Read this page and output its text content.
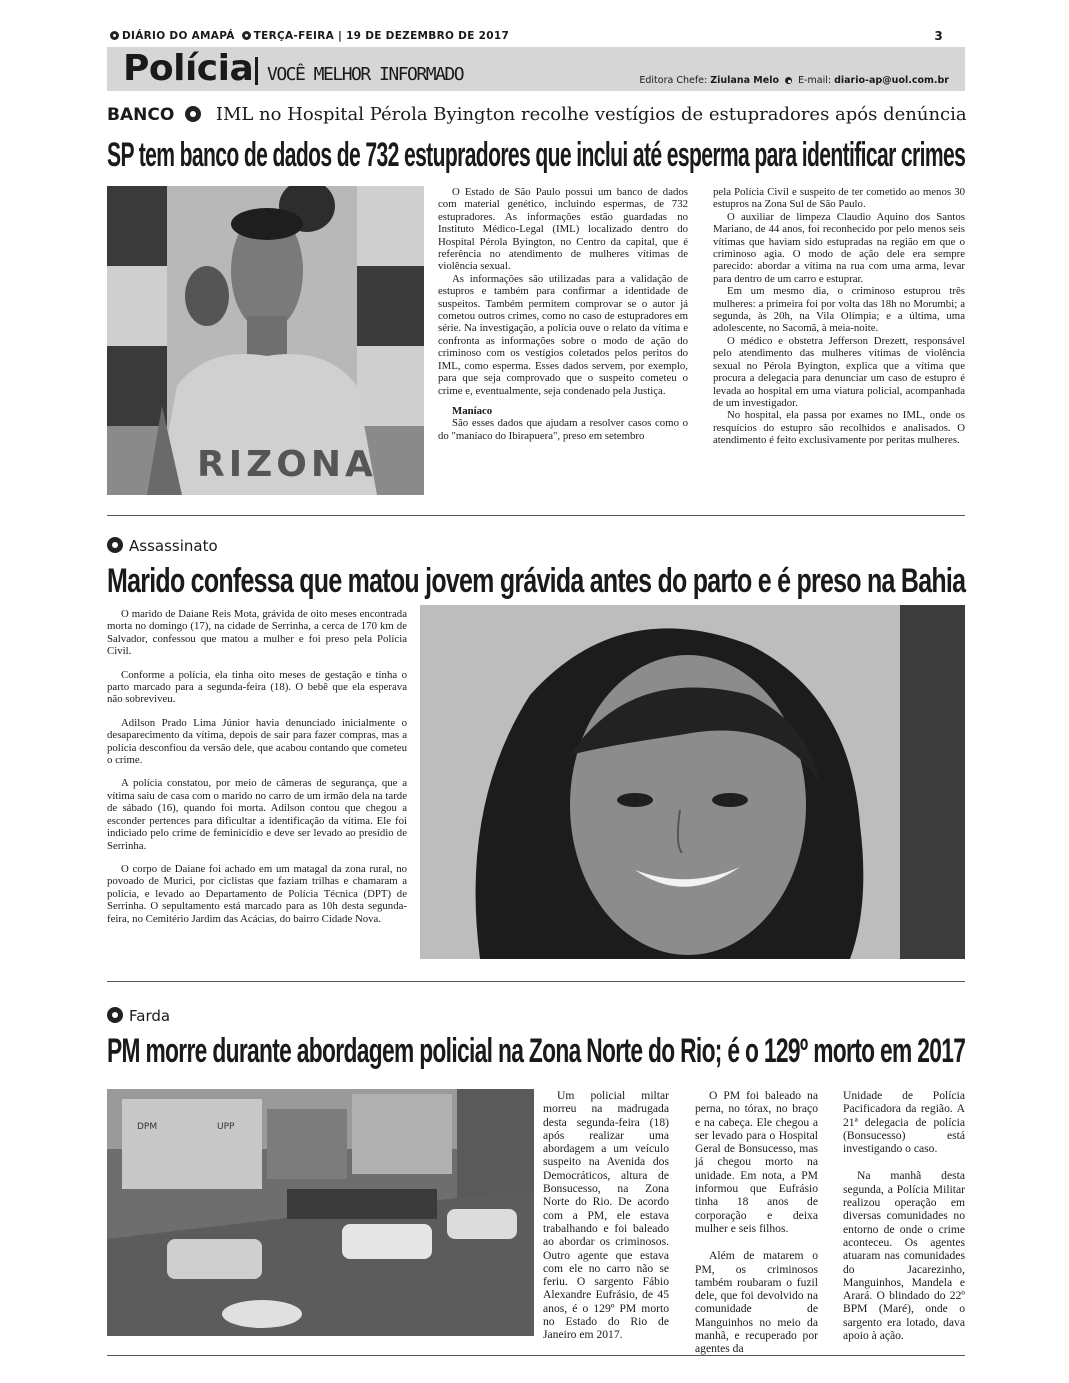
DIÁRIO DO AMAPÁ TERÇA-FEIRA | 19 DE DEZEMBRO DE 2017	3
Polícia VOCÊ MELHOR INFORMADO	Editora Chefe: Ziulana Melo E-mail: diario-ap@uol.com.br
BANCO IML no Hospital Pérola Byington recolhe vestígios de estupradores após denúncia
SP tem banco de dados de 732 estupradores que inclui até esperma para identificar crimes
RIZONA

O Estado de São Paulo possui um banco de dados com material genético, incluindo espermas, de 732 estupradores. As informações estão guardadas no Instituto Médico-Legal (IML) localizado dentro do Hospital Pérola Byington, no Centro da capital, que é referência no atendimento de mulheres vítimas de violência sexual.

As informações são utilizadas para a validação de estupros e também para confirmar a identidade de suspeitos. Também permitem comprovar se o autor já cometou outros crimes, como no caso de estupradores em série. Na investigação, a polícia ouve o relato da vítima e confronta as informações sobre o modo de ação do criminoso com os vestígios coletados pelos peritos do IML, como esperma. Esses dados servem, por exemplo, para que seja comprovado que o suspeito cometeu o crime e, eventualmente, seja condenado pela Justiça.

Maníaco

São esses dados que ajudam a resolver casos como o do "maníaco do Ibirapuera", preso em setembro

pela Polícia Civil e suspeito de ter cometido ao menos 30 estupros na Zona Sul de São Paulo.

O auxiliar de limpeza Claudio Aquino dos Santos Mariano, de 44 anos, foi reconhecido por pelo menos seis vítimas que haviam sido estupradas na região em que o criminoso agia. O modo de ação dele era sempre parecido: abordar a vítima na rua com uma arma, levar para dentro de um carro e estuprar.

Em um mesmo dia, o criminoso estuprou três mulheres: a primeira foi por volta das 18h no Morumbi; a segunda, às 20h, na Vila Olímpia; e a última, uma adolescente, no Sacomã, à meia-noite.

O médico e obstetra Jefferson Drezett, responsável pelo atendimento das mulheres vítimas de violência sexual no Pérola Byington, explica que a vítima que procura a delegacia para denunciar um caso de estupro é levada ao hospital em uma viatura policial, acompanhada de um investigador.

No hospital, ela passa por exames no IML, onde os resquícios do estupro são recolhidos e analisados. O atendimento é feito exclusivamente por peritas mulheres.

Assassinato
Marido confessa que matou jovem grávida antes do parto e é preso na Bahia

O marido de Daiane Reis Mota, grávida de oito meses encontrada morta no domingo (17), na cidade de Serrinha, a cerca de 170 km de Salvador, confessou que matou a mulher e foi preso pela Polícia Civil.

Conforme a polícia, ela tinha oito meses de gestação e tinha o parto marcado para a segunda-feira (18). O bebê que ela esperava não sobreviveu.

Adilson Prado Lima Júnior havia denunciado inicialmente o desaparecimento da vítima, depois de sair para fazer compras, mas a polícia desconfiou da versão dele, que acabou contando que cometeu o crime.

A polícia constatou, por meio de câmeras de segurança, que a vítima saiu de casa com o marido no carro de um irmão dela na tarde de sábado (16), quando foi morta. Adilson contou que chegou a esconder pertences para dificultar a identificação da vítima. Ele foi indiciado pelo crime de feminicídio e deve ser levado ao presídio de Serrinha.

O corpo de Daiane foi achado em um matagal da zona rural, no povoado de Murici, por ciclistas que faziam trilhas e chamaram a polícia, e levado ao Departamento de Polícia Técnica (DPT) de Serrinha. O sepultamento está marcado para as 10h desta segunda-feira, no Cemitério Jardim das Acácias, do bairro Cidade Nova.

Farda
PM morre durante abordagem policial na Zona Norte do Rio; é o 129º morto em 2017
DPM	UPP

Um policial miltar morreu na madrugada desta segunda-feira (18) após realizar uma abordagem a um veículo suspeito na Avenida dos Democráticos, altura de Bonsucesso, na Zona Norte do Rio. De acordo com a PM, ele estava trabalhando e foi baleado ao abordar os criminosos. Outro agente que estava com ele no carro não se feriu. O sargento Fábio Alexandre Eufrásio, de 45 anos, é o 129º PM morto no Estado do Rio de Janeiro em 2017.

O PM foi baleado na perna, no tórax, no braço e na cabeça. Ele chegou a ser levado para o Hospital Geral de Bonsucesso, mas já chegou morto na unidade. Em nota, a PM informou que Eufrásio tinha 18 anos de corporação e deixa mulher e seis filhos.

Além de matarem o PM, os criminosos também roubaram o fuzil dele, que foi devolvido na comunidade de Manguinhos no meio da manhã, e recuperado por agentes da

Unidade de Polícia Pacificadora da região. A 21ª delegacia de polícia (Bonsucesso) está investigando o caso.

Na manhã desta segunda, a Polícia Militar realizou operação em diversas comunidades no entorno de onde o crime aconteceu. Os agentes atuaram nas comunidades do Jacarezinho, Manguinhos, Mandela e Arará. O blindado do 22º BPM (Maré), onde o sargento era lotado, dava apoio à ação.
